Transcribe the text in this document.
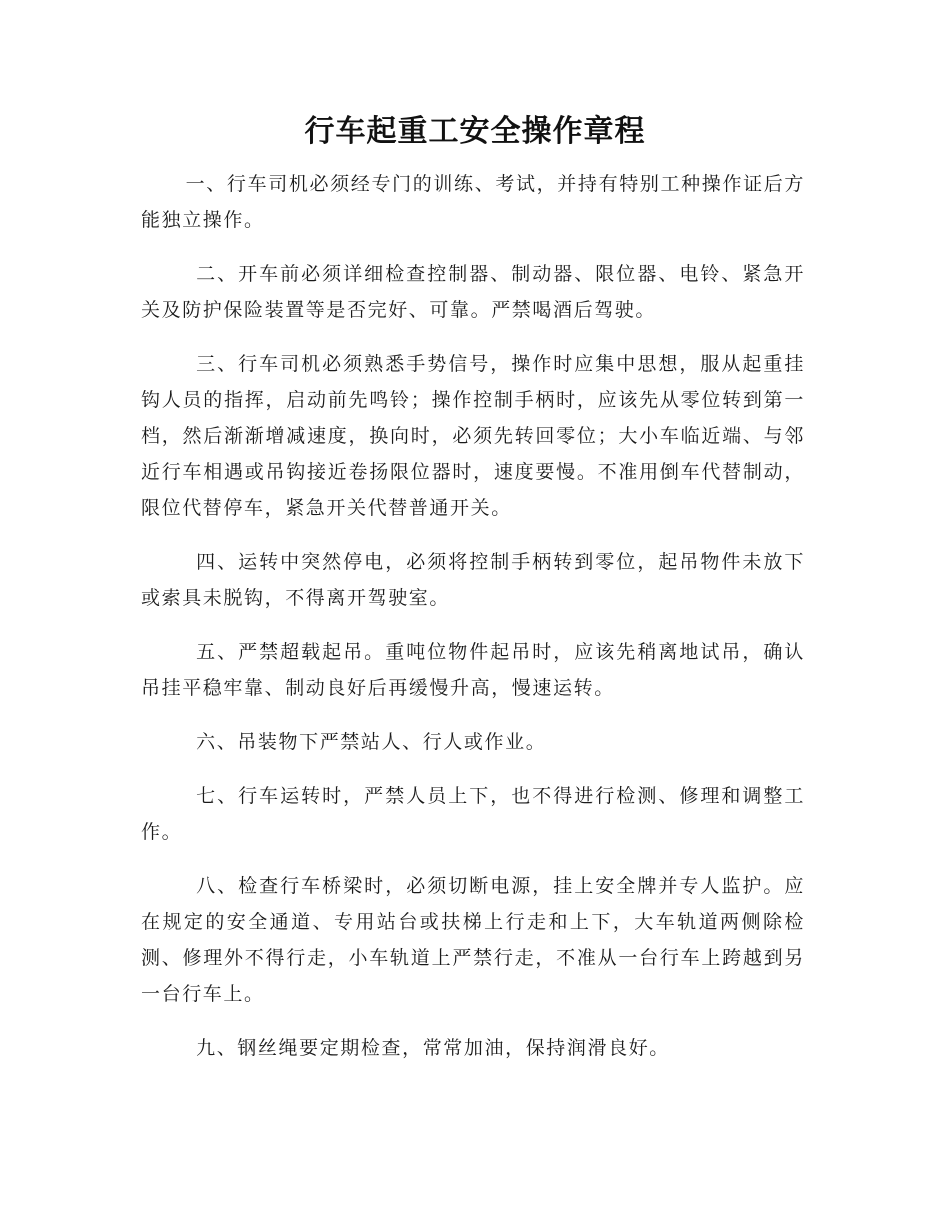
行车起重工安全操作章程

一、行车司机必须经专门的训练、考试，并持有特别工种操作证后方能独立操作。

二、开车前必须详细检查控制器、制动器、限位器、电铃、紧急开关及防护保险装置等是否完好、可靠。严禁喝酒后驾驶。

三、行车司机必须熟悉手势信号，操作时应集中思想，服从起重挂钩人员的指挥，启动前先鸣铃；操作控制手柄时，应该先从零位转到第一档，然后渐渐增减速度，换向时，必须先转回零位；大小车临近端、与邻近行车相遇或吊钩接近卷扬限位器时，速度要慢。不准用倒车代替制动，限位代替停车，紧急开关代替普通开关。

四、运转中突然停电，必须将控制手柄转到零位，起吊物件未放下或索具未脱钩，不得离开驾驶室。

五、严禁超载起吊。重吨位物件起吊时，应该先稍离地试吊，确认吊挂平稳牢靠、制动良好后再缓慢升高，慢速运转。

六、吊装物下严禁站人、行人或作业。

七、行车运转时，严禁人员上下，也不得进行检测、修理和调整工作。

八、检查行车桥梁时，必须切断电源，挂上安全牌并专人监护。应在规定的安全通道、专用站台或扶梯上行走和上下，大车轨道两侧除检测、修理外不得行走，小车轨道上严禁行走，不准从一台行车上跨越到另一台行车上。

九、钢丝绳要定期检查，常常加油，保持润滑良好。
